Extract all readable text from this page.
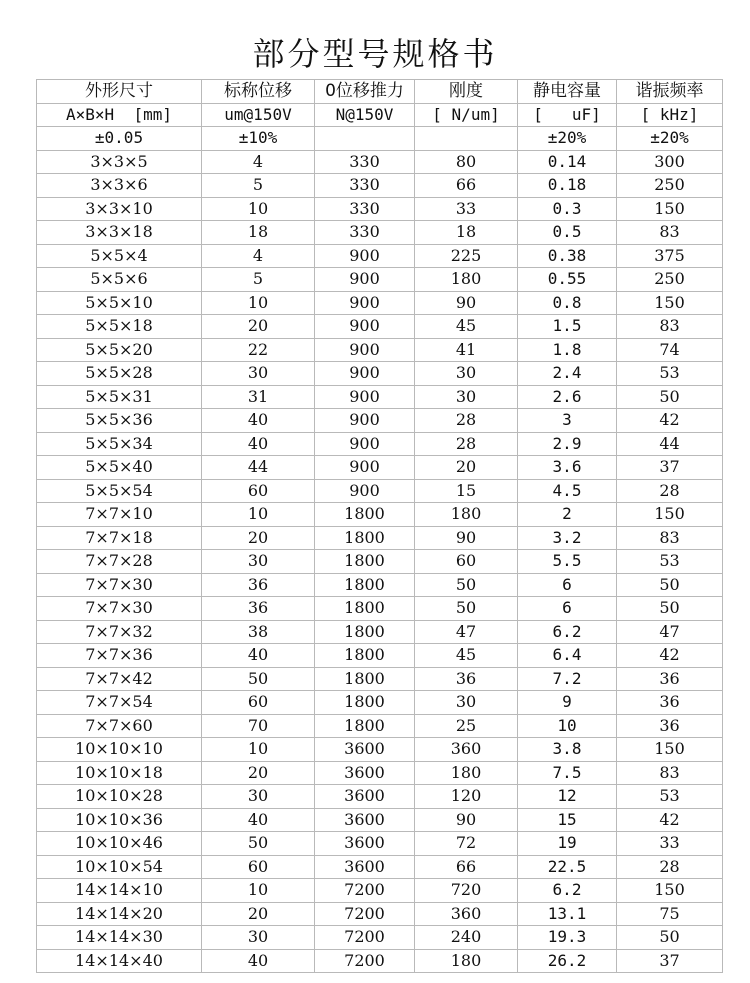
部分型号规格书
外形尺寸	标称位移	0位移推力	刚度	静电容量	谐振频率
A×B×H  [mm]	um@150V	N@150V	[ N/um]	[   uF]	[ kHz]
±0.05	±10%			±20%	±20%
3×3×5	4	330	80	0.14	300
3×3×6	5	330	66	0.18	250
3×3×10	10	330	33	0.3	150
3×3×18	18	330	18	0.5	83
5×5×4	4	900	225	0.38	375
5×5×6	5	900	180	0.55	250
5×5×10	10	900	90	0.8	150
5×5×18	20	900	45	1.5	83
5×5×20	22	900	41	1.8	74
5×5×28	30	900	30	2.4	53
5×5×31	31	900	30	2.6	50
5×5×36	40	900	28	3	42
5×5×34	40	900	28	2.9	44
5×5×40	44	900	20	3.6	37
5×5×54	60	900	15	4.5	28
7×7×10	10	1800	180	2	150
7×7×18	20	1800	90	3.2	83
7×7×28	30	1800	60	5.5	53
7×7×30	36	1800	50	6	50
7×7×30	36	1800	50	6	50
7×7×32	38	1800	47	6.2	47
7×7×36	40	1800	45	6.4	42
7×7×42	50	1800	36	7.2	36
7×7×54	60	1800	30	9	36
7×7×60	70	1800	25	10	36
10×10×10	10	3600	360	3.8	150
10×10×18	20	3600	180	7.5	83
10×10×28	30	3600	120	12	53
10×10×36	40	3600	90	15	42
10×10×46	50	3600	72	19	33
10×10×54	60	3600	66	22.5	28
14×14×10	10	7200	720	6.2	150
14×14×20	20	7200	360	13.1	75
14×14×30	30	7200	240	19.3	50
14×14×40	40	7200	180	26.2	37
